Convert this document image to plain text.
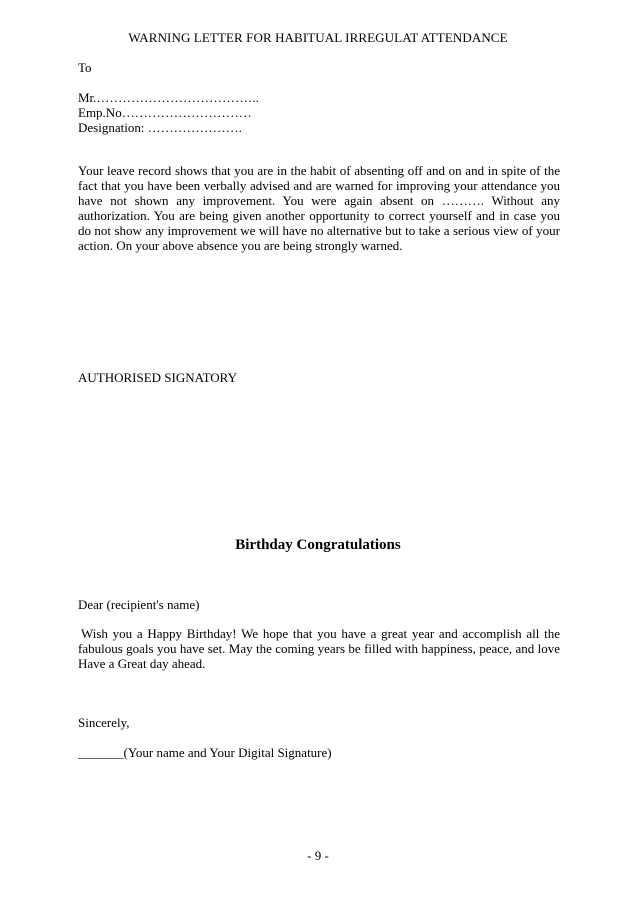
WARNING LETTER FOR HABITUAL IRREGULAT ATTENDANCE
To
Mr.………………………………..
Emp.No…………………………
Designation: ………………….
Your leave record shows that you are in the habit of absenting off and on and in spite of the fact that you have been verbally advised and are warned for improving your attendance you have not shown any improvement. You were again absent on ………. Without any authorization. You are being given another opportunity to correct yourself and in case you do not show any improvement we will have no alternative but to take a serious view of your action. On your above absence you are being strongly warned.
AUTHORISED SIGNATORY
Birthday Congratulations
Dear (recipient's name)
Wish you a Happy Birthday! We hope that you have a great year and accomplish all the fabulous goals you have set. May the coming years be filled with happiness, peace, and love Have a Great day ahead.
Sincerely,
_______(Your name and Your Digital Signature)
- 9 -
